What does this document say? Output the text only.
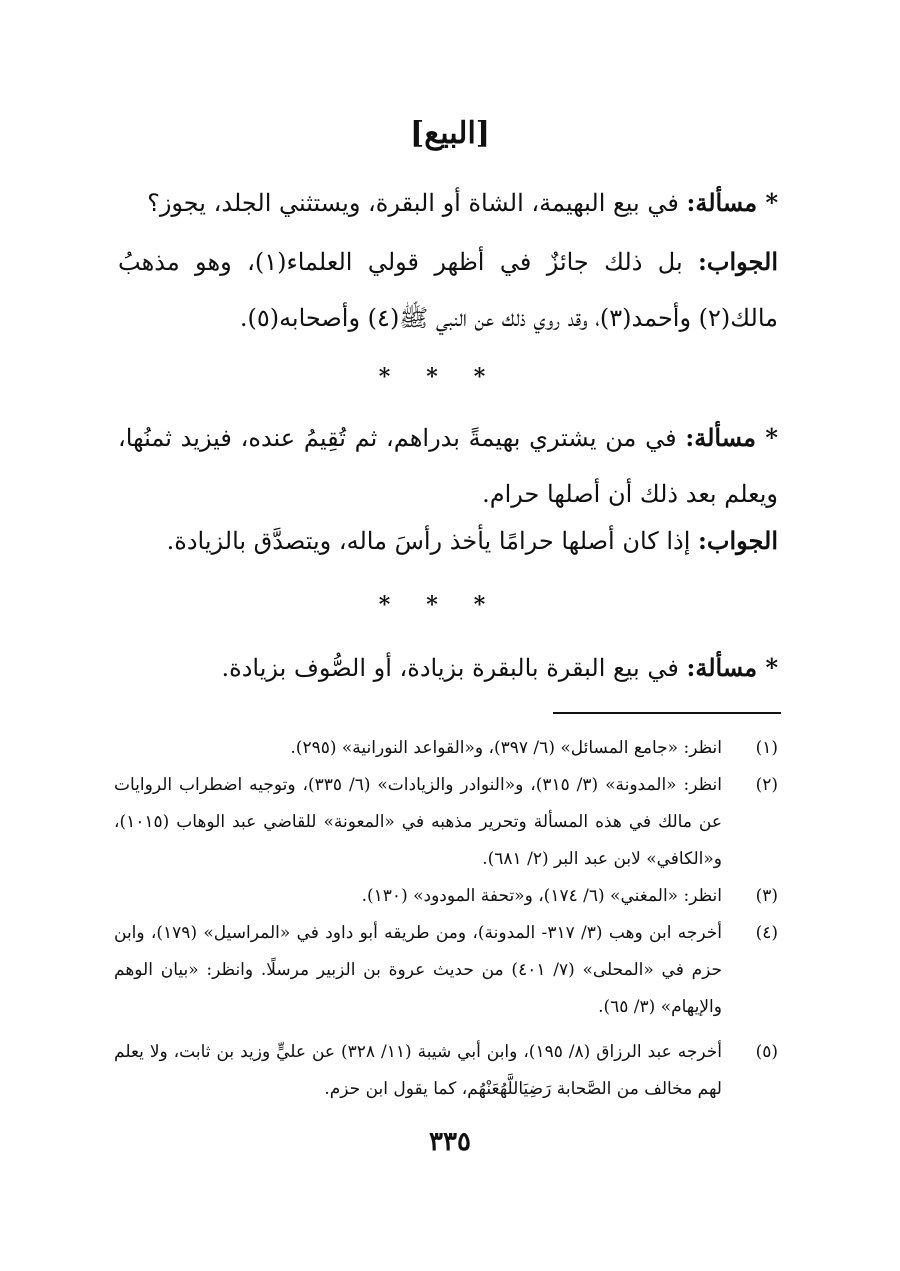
[البيع]
* مسألة: في بيع البهيمة، الشاة أو البقرة، ويستثني الجلد، يجوز؟
الجواب: بل ذلك جائزٌ في أظهر قولي العلماء(١)، وهو مذهبُ مالك(٢) وأحمد(٣)، وقد روي ذلك عن النبي ﷺ(٤) وأصحابه(٥).
***
* مسألة: في من يشتري بهيمةً بدراهم، ثم تُقِيمُ عنده، فيزيد ثمنُها، ويعلم بعد ذلك أن أصلها حرام.
الجواب: إذا كان أصلها حرامًا يأخذ رأسَ ماله، ويتصدَّق بالزيادة.
***
* مسألة: في بيع البقرة بالبقرة بزيادة، أو الصُّوف بزيادة.
(١)
انظر: «جامع المسائل» (٦/ ٣٩٧)، و«القواعد النورانية» (٢٩٥).
(٢)
انظر: «المدونة» (٣/ ٣١٥)، و«النوادر والزيادات» (٦/ ٣٣٥)، وتوجيه اضطراب الروايات عن مالك في هذه المسألة وتحرير مذهبه في «المعونة» للقاضي عبد الوهاب (١٠١٥)، و«الكافي» لابن عبد البر (٢/ ٦٨١).
(٣)
انظر: «المغني» (٦/ ١٧٤)، و«تحفة المودود» (١٣٠).
(٤)
أخرجه ابن وهب (٣/ ٣١٧- المدونة)، ومن طريقه أبو داود في «المراسيل» (١٧٩)، وابن حزم في «المحلى» (٧/ ٤٠١) من حديث عروة بن الزبير مرسلًا. وانظر: «بيان الوهم والإيهام» (٣/ ٦٥).
(٥)
أخرجه عبد الرزاق (٨/ ١٩٥)، وابن أبي شيبة (١١/ ٣٢٨) عن عليٍّ وزيد بن ثابت، ولا يعلم لهم مخالف من الصَّحابة رَضِيَاللَّهُعَنْهُم، كما يقول ابن حزم.
٣٣٥
